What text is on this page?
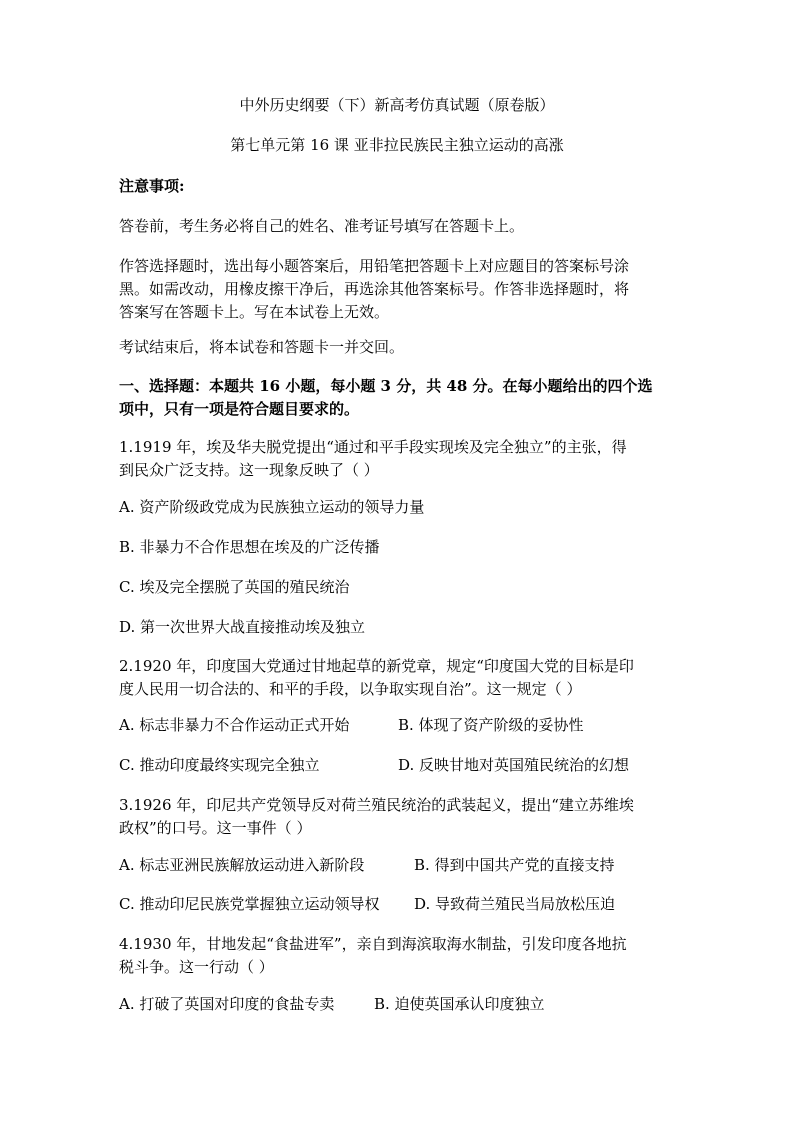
中外历史纲要（下）新高考仿真试题（原卷版）
第七单元第 16 课 亚非拉民族民主独立运动的高涨
注意事项:
答卷前，考生务必将自己的姓名、准考证号填写在答题卡上。
作答选择题时，选出每小题答案后，用铅笔把答题卡上对应题目的答案标号涂
黑。如需改动，用橡皮擦干净后，再选涂其他答案标号。作答非选择题时，将
答案写在答题卡上。写在本试卷上无效。
考试结束后，将本试卷和答题卡一并交回。
一、选择题：本题共 16 小题，每小题 3 分，共 48 分。在每小题给出的四个选
项中，只有一项是符合题目要求的。
1.1919 年，埃及华夫脱党提出“通过和平手段实现埃及完全独立”的主张，得
到民众广泛支持。这一现象反映了（ ）
A. 资产阶级政党成为民族独立运动的领导力量
B. 非暴力不合作思想在埃及的广泛传播
C. 埃及完全摆脱了英国的殖民统治
D. 第一次世界大战直接推动埃及独立
2.1920 年，印度国大党通过甘地起草的新党章，规定“印度国大党的目标是印
度人民用一切合法的、和平的手段，以争取实现自治”。这一规定（ ）
A. 标志非暴力不合作运动正式开始	B. 体现了资产阶级的妥协性
C. 推动印度最终实现完全独立	D. 反映甘地对英国殖民统治的幻想
3.1926 年，印尼共产党领导反对荷兰殖民统治的武装起义，提出“建立苏维埃
政权”的口号。这一事件（ ）
A. 标志亚洲民族解放运动进入新阶段	B. 得到中国共产党的直接支持
C. 推动印尼民族党掌握独立运动领导权 D. 导致荷兰殖民当局放松压迫
4.1930 年，甘地发起“食盐进军”，亲自到海滨取海水制盐，引发印度各地抗
税斗争。这一行动（ ）
A. 打破了英国对印度的食盐专卖	B. 迫使英国承认印度独立
